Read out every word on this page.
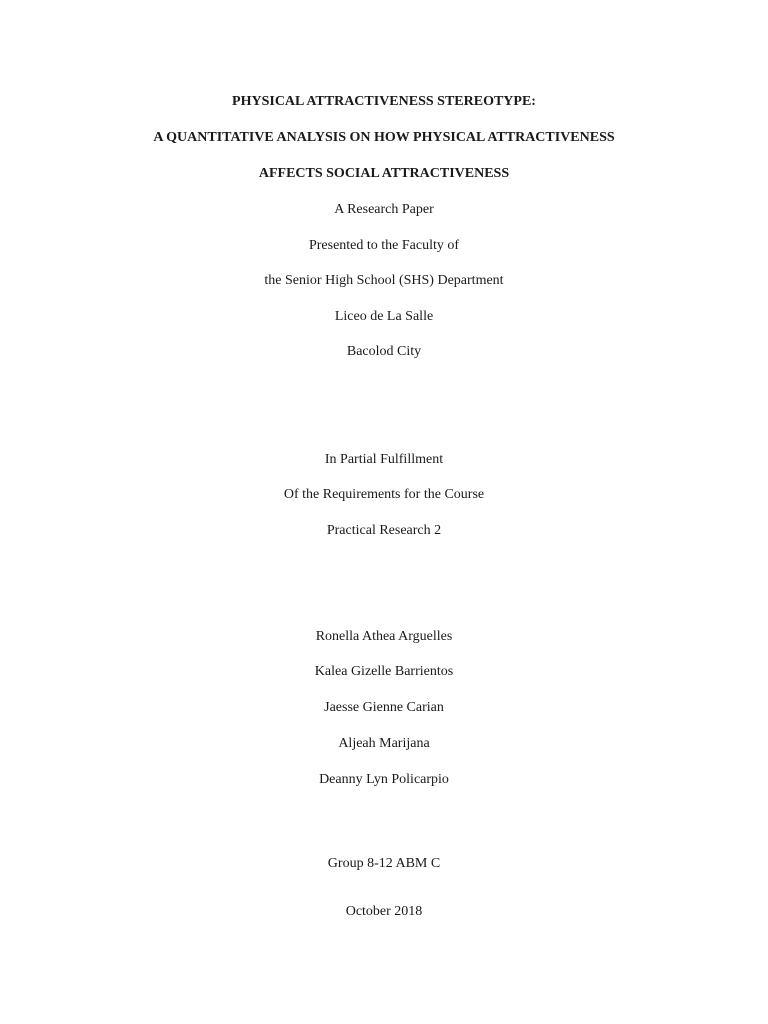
PHYSICAL ATTRACTIVENESS STEREOTYPE:
A QUANTITATIVE ANALYSIS ON HOW PHYSICAL ATTRACTIVENESS
AFFECTS SOCIAL ATTRACTIVENESS
A Research Paper
Presented to the Faculty of
the Senior High School (SHS) Department
Liceo de La Salle
Bacolod City
In Partial Fulfillment
Of the Requirements for the Course
Practical Research 2
Ronella Athea Arguelles
Kalea Gizelle Barrientos
Jaesse Gienne Carian
Aljeah Marijana
Deanny Lyn Policarpio
Group 8-12 ABM C
October 2018
